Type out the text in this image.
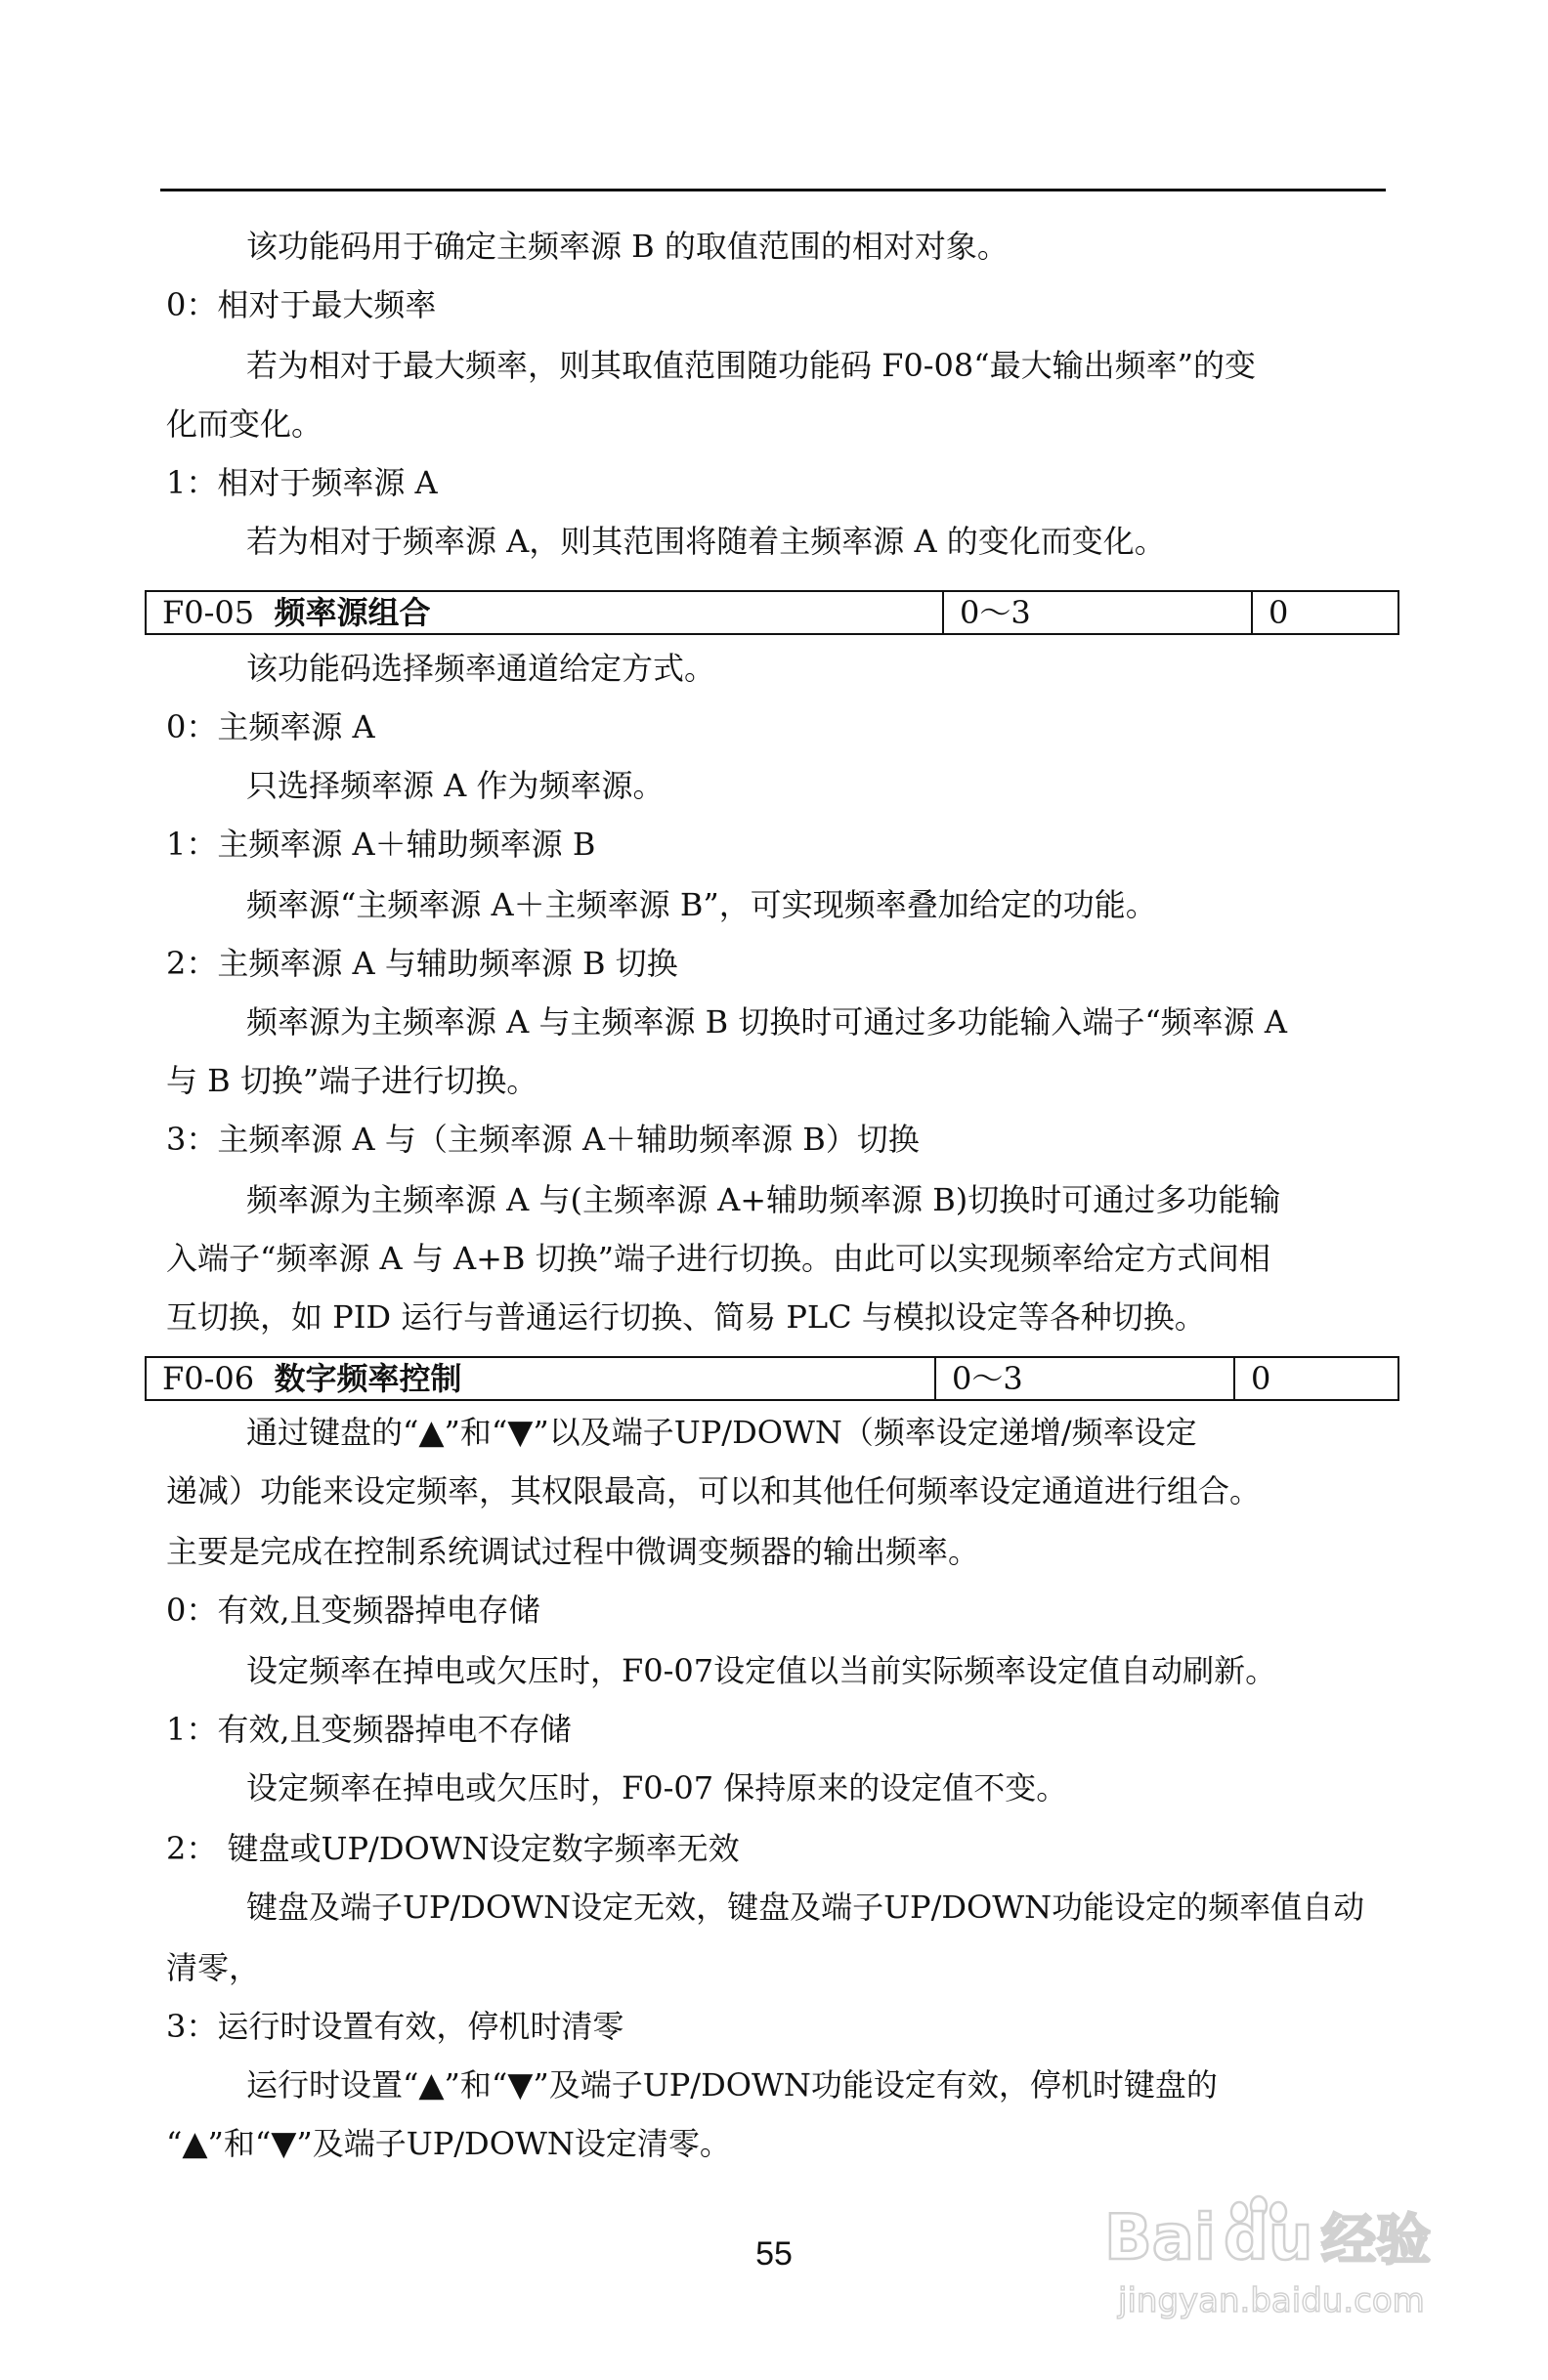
该功能码用于确定主频率源 B 的取值范围的相对对象。
0：相对于最大频率
若为相对于最大频率，则其取值范围随功能码 F0-08“最大输出频率”的变
化而变化。
1：相对于频率源 A
若为相对于频率源 A，则其范围将随着主频率源 A 的变化而变化。
F0-05 频率源组合	0～3	0
该功能码选择频率通道给定方式。
0：主频率源 A
只选择频率源 A 作为频率源。
1：主频率源 A＋辅助频率源 B
频率源“主频率源 A＋主频率源 B”，可实现频率叠加给定的功能。
2：主频率源 A 与辅助频率源 B 切换
频率源为主频率源 A 与主频率源 B 切换时可通过多功能输入端子“频率源 A
与 B 切换”端子进行切换。
3：主频率源 A 与（主频率源 A＋辅助频率源 B）切换
频率源为主频率源 A 与(主频率源 A+辅助频率源 B)切换时可通过多功能输
入端子“频率源 A 与 A+B 切换”端子进行切换。由此可以实现频率给定方式间相
互切换，如 PID 运行与普通运行切换、简易 PLC 与模拟设定等各种切换。
F0-06 数字频率控制	0～3	0
通过键盘的“▲”和“▼”以及端子UP/DOWN（频率设定递增/频率设定
递减）功能来设定频率，其权限最高，可以和其他任何频率设定通道进行组合。
主要是完成在控制系统调试过程中微调变频器的输出频率。
0：有效,且变频器掉电存储
设定频率在掉电或欠压时，F0-07设定值以当前实际频率设定值自动刷新。
1：有效,且变频器掉电不存储
设定频率在掉电或欠压时，F0-07 保持原来的设定值不变。
2： 键盘或UP/DOWN设定数字频率无效
键盘及端子UP/DOWN设定无效，键盘及端子UP/DOWN功能设定的频率值自动
清零，
3：运行时设置有效，停机时清零
运行时设置“▲”和“▼”及端子UP/DOWN功能设定有效，停机时键盘的
“▲”和“▼”及端子UP/DOWN设定清零。
55	Bai du 经验
jingyan.baidu.com
